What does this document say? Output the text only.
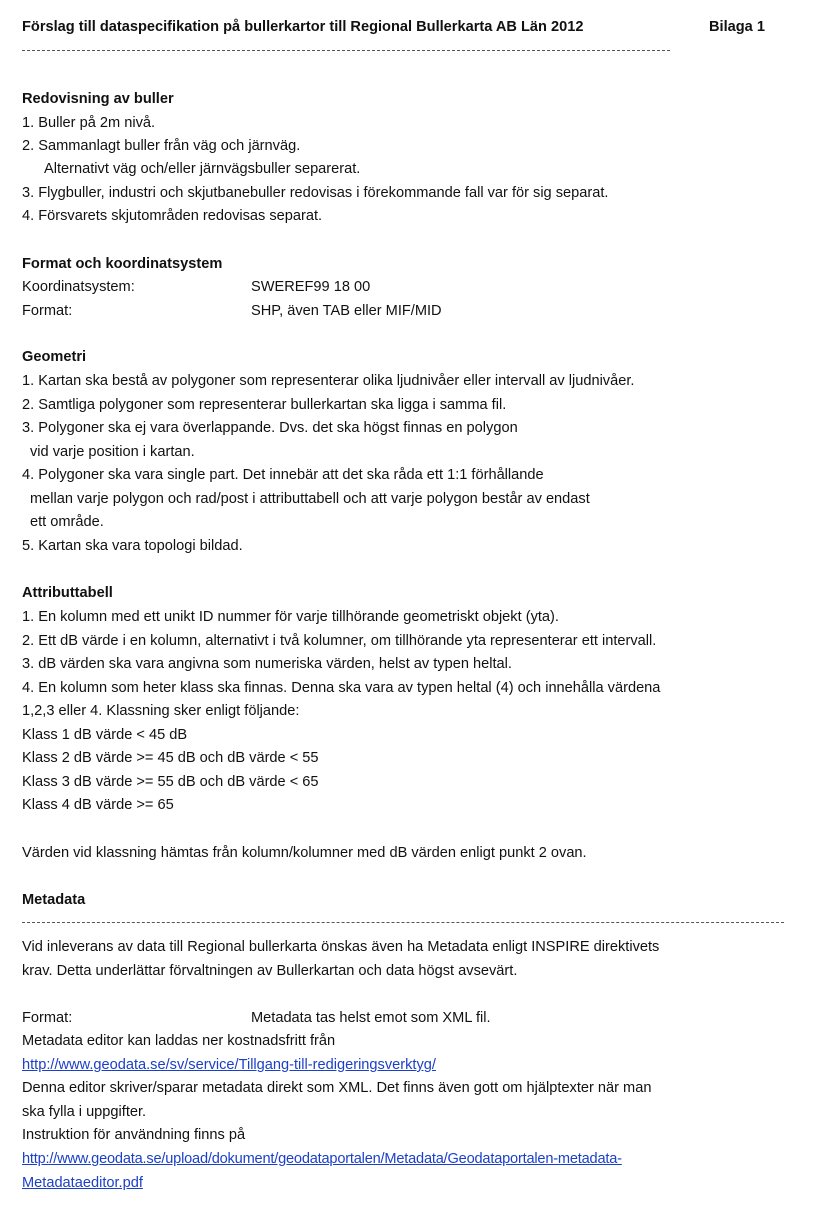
Förslag till dataspecifikation på bullerkartor till Regional Bullerkarta AB Län 2012	Bilaga 1
Redovisning av buller
1. Buller på 2m nivå.
2. Sammanlagt buller från väg och järnväg.
Alternativt väg och/eller järnvägsbuller separerat.
3. Flygbuller, industri och skjutbanebuller redovisas i förekommande fall var för sig separat.
4. Försvarets skjutområden redovisas separat.
Format och koordinatsystem
Koordinatsystem:	SWEREF99 18 00
Format:	SHP, även TAB eller MIF/MID
Geometri
1. Kartan ska bestå av polygoner som representerar olika ljudnivåer eller intervall av ljudnivåer.
2. Samtliga polygoner som representerar bullerkartan ska ligga i samma fil.
3. Polygoner ska ej vara överlappande. Dvs. det ska högst finnas en polygon
vid varje position i kartan.
4. Polygoner ska vara single part. Det innebär att det ska råda ett 1:1 förhållande
mellan varje polygon och rad/post i attributtabell och att varje polygon består av endast
ett område.
5. Kartan ska vara topologi bildad.
Attributtabell
1. En kolumn med ett unikt ID nummer för varje tillhörande geometriskt objekt (yta).
2. Ett dB värde i en kolumn, alternativt i två kolumner, om tillhörande yta representerar ett intervall.
3. dB värden ska vara angivna som numeriska värden, helst av typen heltal.
4. En kolumn som heter klass ska finnas. Denna ska vara av typen heltal (4) och innehålla värdena
1,2,3 eller 4. Klassning sker enligt följande:
Klass 1 dB värde < 45 dB
Klass 2 dB värde >= 45 dB och dB värde < 55
Klass 3 dB värde >= 55 dB och dB värde < 65
Klass 4 dB värde >= 65
Värden vid klassning hämtas från kolumn/kolumner med dB värden enligt punkt 2 ovan.
Metadata
Vid inleverans av data till Regional bullerkarta önskas även ha Metadata enligt INSPIRE direktivets
krav. Detta underlättar förvaltningen av Bullerkartan och data högst avsevärt.
Format:	Metadata tas helst emot som XML fil.
Metadata editor kan laddas ner kostnadsfritt från
http://www.geodata.se/sv/service/Tillgang-till-redigeringsverktyg/
Denna editor skriver/sparar metadata direkt som XML. Det finns även gott om hjälptexter när man
ska fylla i uppgifter.
Instruktion för användning finns på
http://www.geodata.se/upload/dokument/geodataportalen/Metadata/Geodataportalen-metadata-
Metadataeditor.pdf
